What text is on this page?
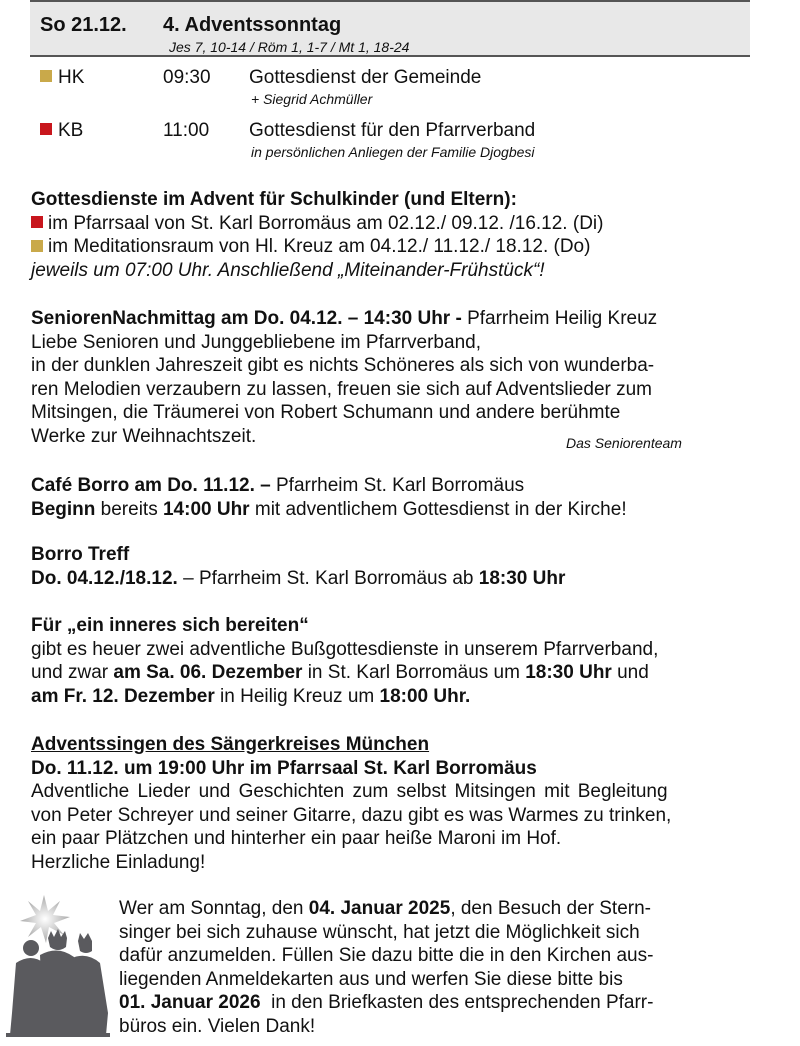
So 21.12. 4. Adventssonntag
Jes 7, 10-14 / Röm 1, 1-7 / Mt 1, 18-24
HK	09:30 Gottesdienst der Gemeinde
+ Siegrid Achmüller
KB	11:00 Gottesdienst für den Pfarrverband
in persönlichen Anliegen der Familie Djogbesi
Gottesdienste im Advent für Schulkinder (und Eltern):
im Pfarrsaal von St. Karl Borromäus am 02.12./ 09.12. /16.12. (Di)
im Meditationsraum von Hl. Kreuz am 04.12./ 11.12./ 18.12. (Do)
jeweils um 07:00 Uhr. Anschließend „Miteinander-Frühstück“!
SeniorenNachmittag am Do. 04.12. – 14:30 Uhr - Pfarrheim Heilig Kreuz
Liebe Senioren und Junggebliebene im Pfarrverband,
in der dunklen Jahreszeit gibt es nichts Schöneres als sich von wunderba-
ren Melodien verzaubern zu lassen, freuen sie sich auf Adventslieder zum
Mitsingen, die Träumerei von Robert Schumann und andere berühmte
Werke zur Weihnachtszeit.	Das Seniorenteam
Café Borro am Do. 11.12. – Pfarrheim St. Karl Borromäus
Beginn bereits 14:00 Uhr mit adventlichem Gottesdienst in der Kirche!
Borro Treff
Do. 04.12./18.12. – Pfarrheim St. Karl Borromäus ab 18:30 Uhr
Für „ein inneres sich bereiten“
gibt es heuer zwei adventliche Bußgottesdienste in unserem Pfarrverband,
und zwar am Sa. 06. Dezember in St. Karl Borromäus um 18:30 Uhr und
am Fr. 12. Dezember in Heilig Kreuz um 18:00 Uhr.
Adventssingen des Sängerkreises München
Do. 11.12. um 19:00 Uhr im Pfarrsaal St. Karl Borromäus
Adventliche Lieder und Geschichten zum selbst Mitsingen mit Begleitung
von Peter Schreyer und seiner Gitarre, dazu gibt es was Warmes zu trinken,
ein paar Plätzchen und hinterher ein paar heiße Maroni im Hof.
Herzliche Einladung!
Wer am Sonntag, den 04. Januar 2025, den Besuch der Stern-
singer bei sich zuhause wünscht, hat jetzt die Möglichkeit sich
dafür anzumelden. Füllen Sie dazu bitte die in den Kirchen aus-
liegenden Anmeldekarten aus und werfen Sie diese bitte bis
01. Januar 2026  in den Briefkasten des entsprechenden Pfarr-
büros ein. Vielen Dank!
